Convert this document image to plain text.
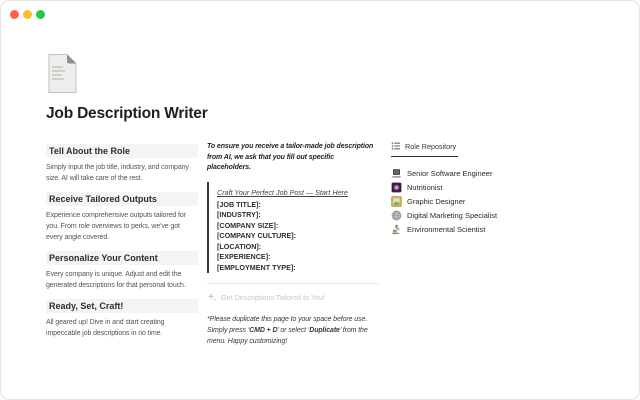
Job Description Writer
Tell About the Role
Simply input the job title, industry, and company size. AI will take care of the rest.
Receive Tailored Outputs
Experience comprehensive outputs tailored for you. From role overviews to perks, we've got every angle covered.
Personalize Your Content
Every company is unique. Adjust and edit the generated descriptions for that personal touch.
Ready, Set, Craft!
All geared up! Dive in and start creating impeccable job descriptions in no time.
To ensure you receive a tailor-made job description from AI, we ask that you fill out specific placeholders.
Craft Your Perfect Job Post — Start Here
[JOB TITLE]:
[INDUSTRY]:
[COMPANY SIZE]:
[COMPANY CULTURE]:
[LOCATION]:
[EXPERIENCE]:
[EMPLOYMENT TYPE]:
Get Descriptions Tailored to You!
*Please duplicate this page to your space before use. Simply press ‘CMD + D’ or select ‘Duplicate’ from the menu. Happy customizing!
Role Repository
Senior Software Engineer
Nutritionist
Graphic Designer
Digital Marketing Specialist
Environmental Scientist
